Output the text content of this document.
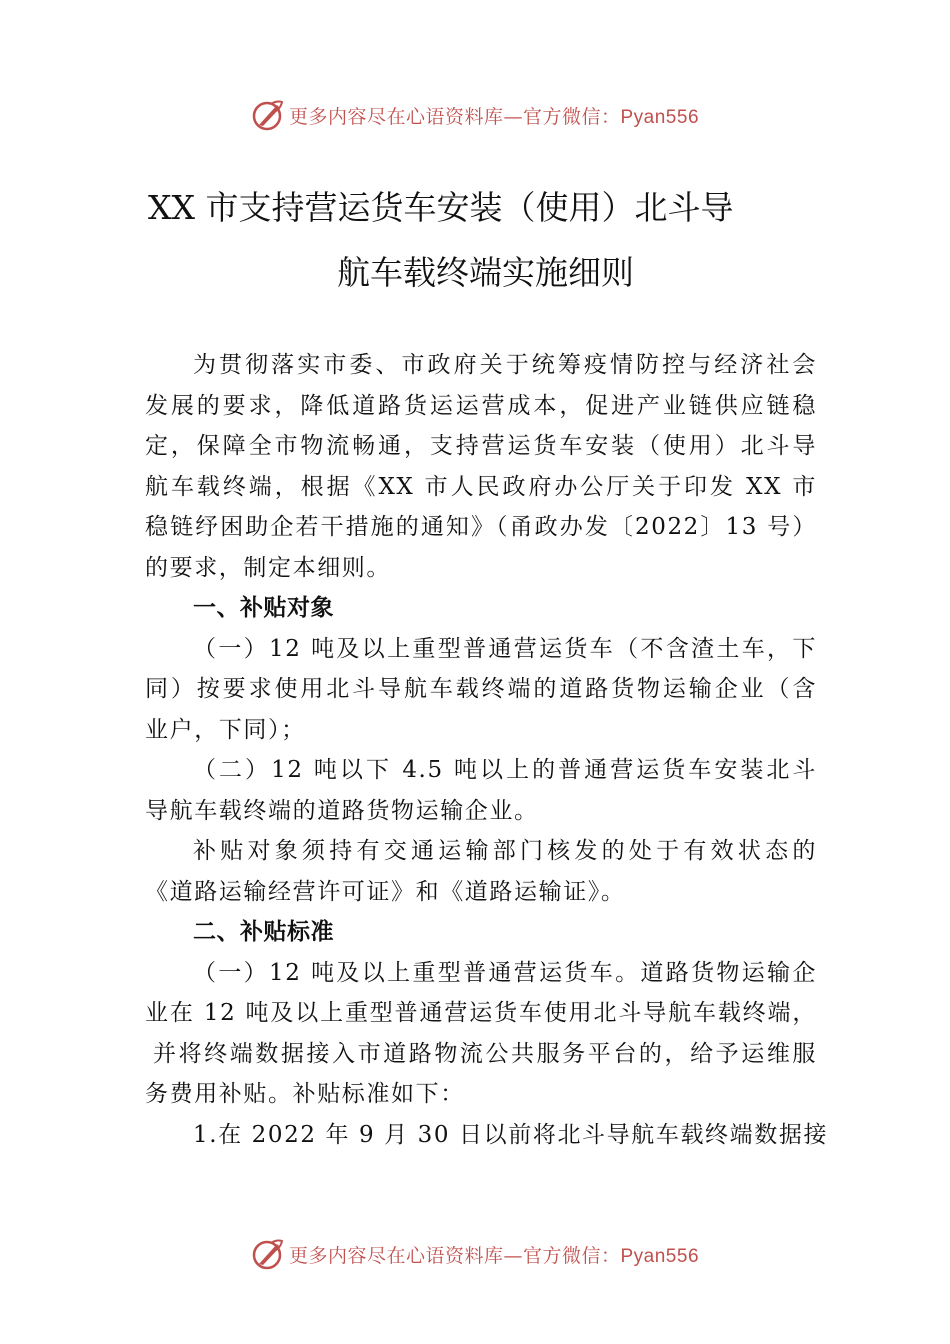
更多内容尽在心语资料库—官方微信：Pyan556
XX 市支持营运货车安装（使用）北斗导
航车载终端实施细则
为贯彻落实市委、市政府关于统筹疫情防控与经济社会
发展的要求，降低道路货运运营成本，促进产业链供应链稳
定，保障全市物流畅通，支持营运货车安装（使用）北斗导
航车载终端，根据《XX 市人民政府办公厅关于印发 XX 市
稳链纾困助企若干措施的通知》（甬政办发〔2022〕13 号）
的要求，制定本细则。
一、补贴对象
（一）12 吨及以上重型普通营运货车（不含渣土车，下
同）按要求使用北斗导航车载终端的道路货物运输企业（含
业户，下同）；
（二）12 吨以下 4.5 吨以上的普通营运货车安装北斗
导航车载终端的道路货物运输企业。
补贴对象须持有交通运输部门核发的处于有效状态的
《道路运输经营许可证》和《道路运输证》。
二、补贴标准
（一）12 吨及以上重型普通营运货车。道路货物运输企
业在 12 吨及以上重型普通营运货车使用北斗导航车载终端，
并将终端数据接入市道路物流公共服务平台的，给予运维服
务费用补贴。补贴标准如下：
1.在 2022 年 9 月 30 日以前将北斗导航车载终端数据接
更多内容尽在心语资料库—官方微信：Pyan556
